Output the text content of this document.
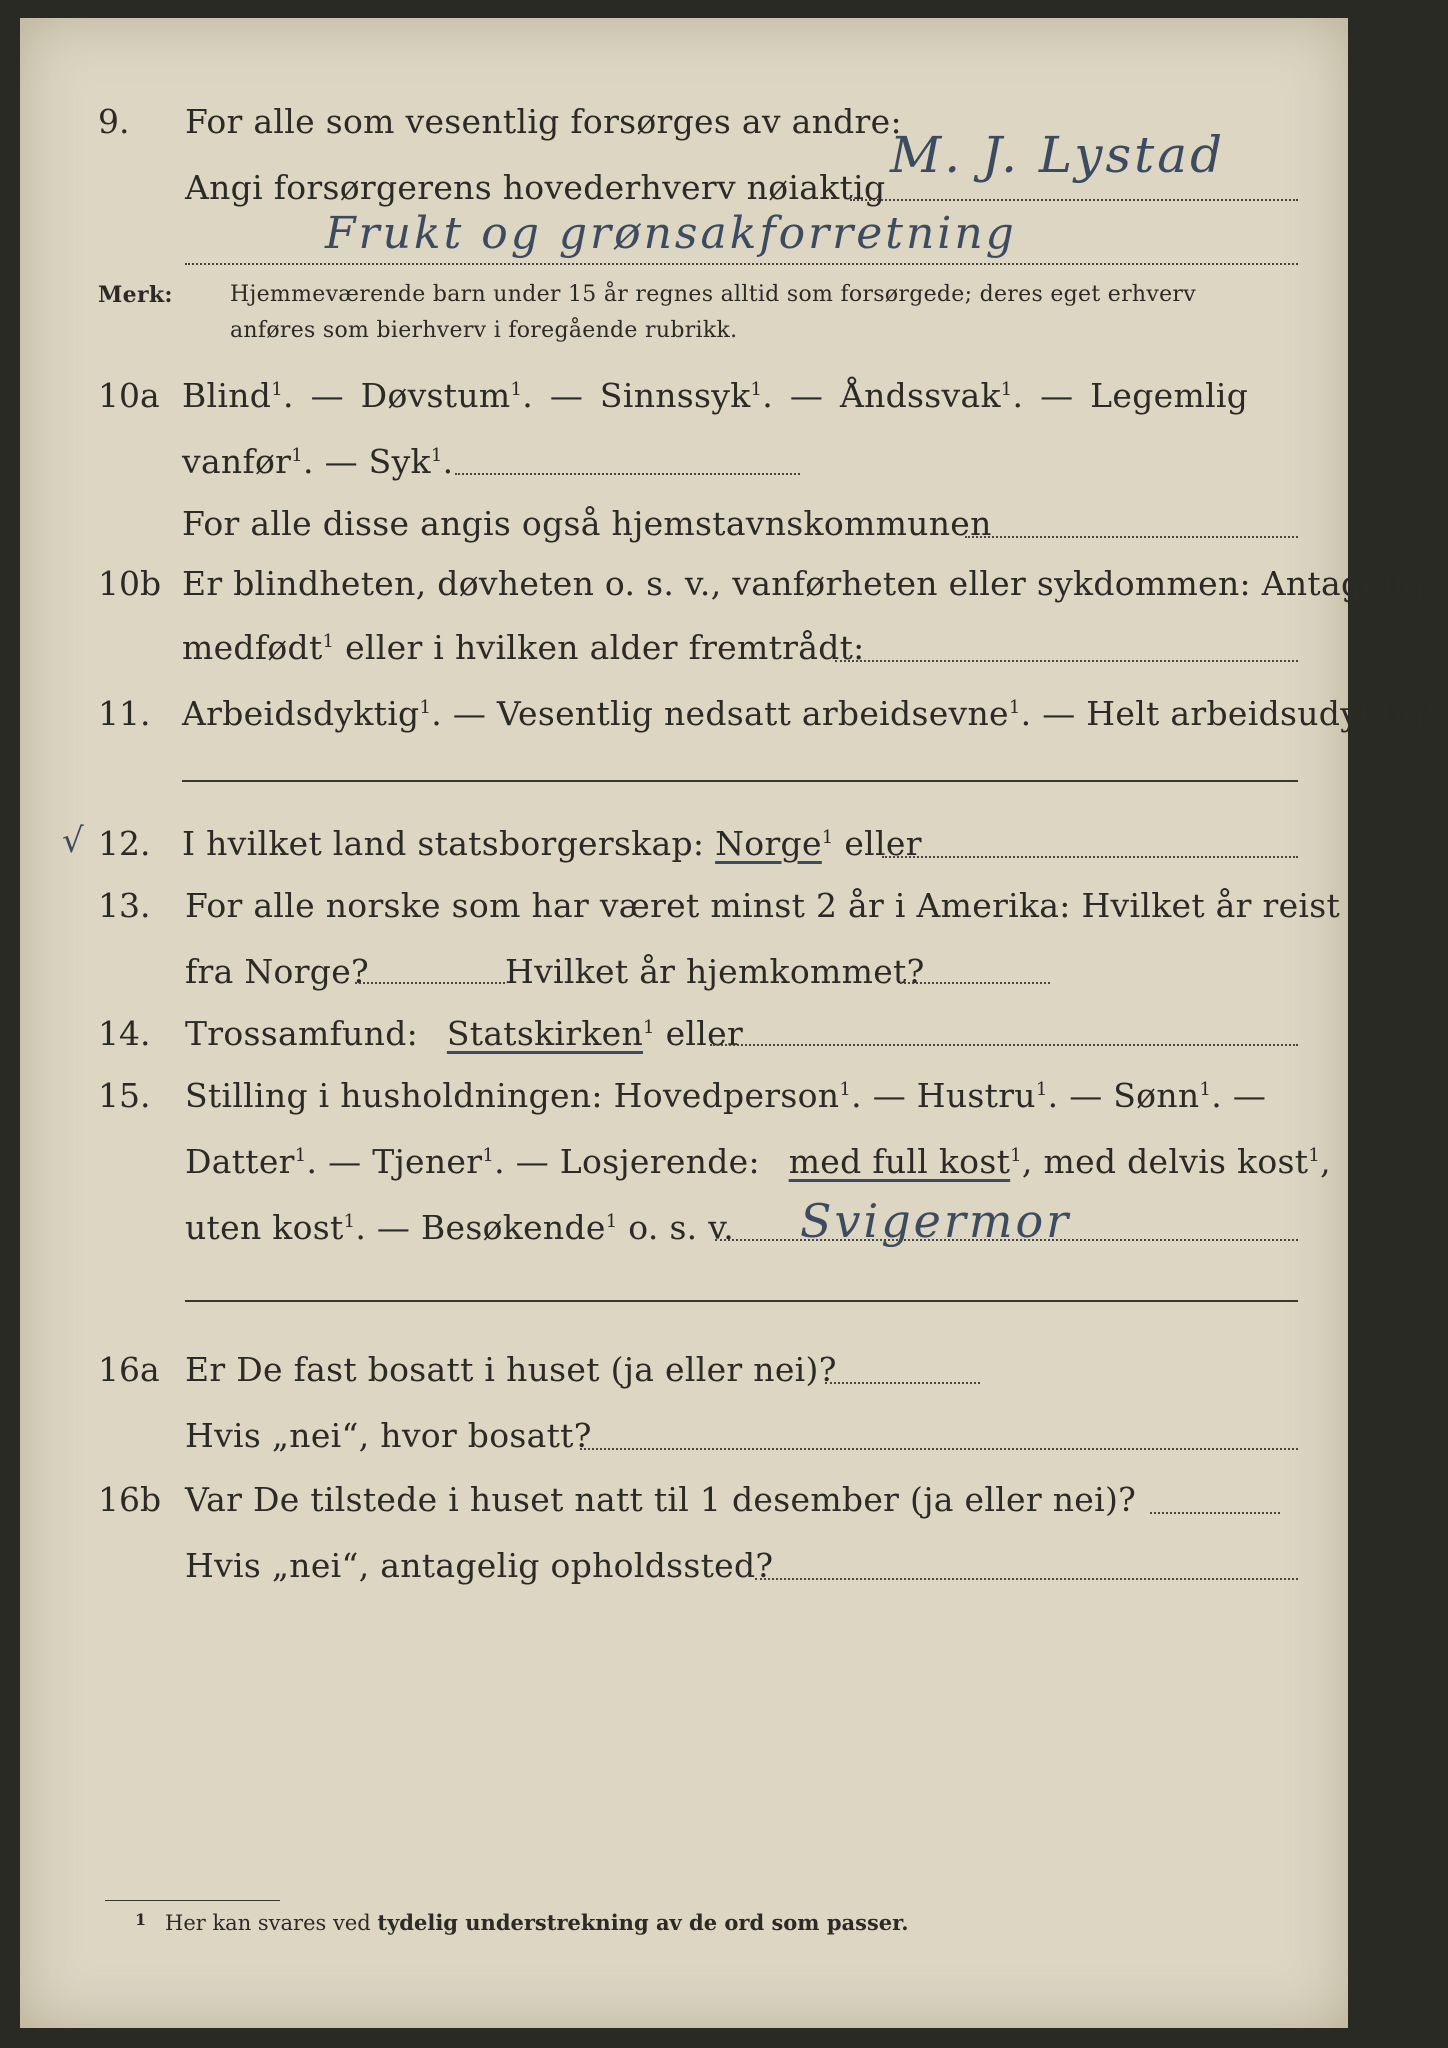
9. For alle som vesentlig forsørges av andre:
M. J. Lystad
Angi forsørgerens hovederhverv nøiaktig
Frukt og grønsakforretning
Merk:	Hjemmeværende barn under 15 år regnes alltid som forsørgede; deres eget erhverv
anføres som bierhverv i foregående rubrikk.
10a Blind$^1$. — Døvstum$^1$. — Sinnssyk$^1$. — Åndssvak$^1$. — Legemlig
vanfør$^1$. — Syk$^1$.
For alle disse angis også hjemstavnskommunen
10b Er blindheten, døvheten o. s. v., vanførheten eller sykdommen: Antagelig
medfødt$^1$ eller i hvilken alder fremtrådt:
11. Arbeidsdyktig$^1$. — Vesentlig nedsatt arbeidsevne$^1$. — Helt arbeidsudyktig$^1$.
√ 12. I hvilket land statsborgerskap: Norge$^1$ eller
13. For alle norske som har været minst 2 år i Amerika: Hvilket år reist
fra Norge?	Hvilket år hjemkommet?
14. Trossamfund: Statskirken$^1$ eller
15. Stilling i husholdningen: Hovedperson$^1$. — Hustru$^1$. — Sønn$^1$. —
Datter$^1$. — Tjener$^1$. — Losjerende: med full kost$^1$, med delvis kost$^1$,
uten kost$^1$. — Besøkende$^1$ o. s. v. Svigermor
16a Er De fast bosatt i huset (ja eller nei)?
Hvis „nei“, hvor bosatt?
16b Var De tilstede i huset natt til 1 desember (ja eller nei)?
Hvis „nei“, antagelig opholdssted?
1 Her kan svares ved tydelig understrekning av de ord som passer.
